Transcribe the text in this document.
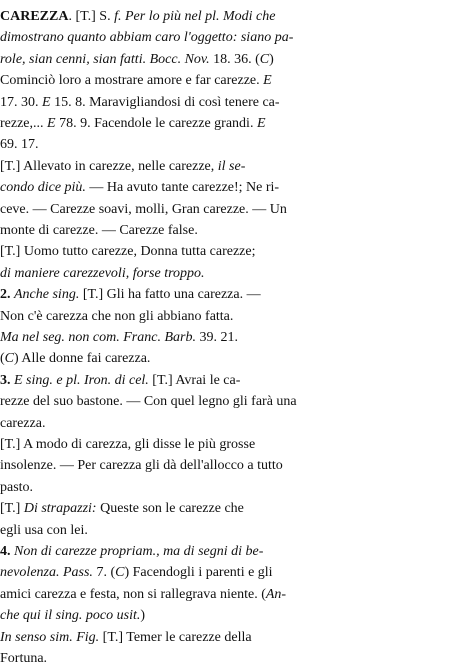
CAREZZA. [T.] S. f. Per lo più nel pl. Modi che
dimostrano quanto abbiam caro l'oggetto: siano pa-
role, sian cenni, sian fatti. Bocc. Nov. 18. 36. (C)
Cominciò loro a mostrare amore e far carezze. E
17. 30. E 15. 8. Maravigliandosi di così tenere ca-
rezze,... E 78. 9. Facendole le carezze grandi. E
69. 17.
[T.] Allevato in carezze, nelle carezze, il se-
condo dice più. — Ha avuto tante carezze!; Ne ri-
ceve. — Carezze soavi, molli, Gran carezze. — Un
monte di carezze. — Carezze false.
[T.] Uomo tutto carezze, Donna tutta carezze;
di maniere carezzevoli, forse troppo.
2. Anche sing. [T.] Gli ha fatto una carezza. —
Non c'è carezza che non gli abbiano fatta.
Ma nel seg. non com. Franc. Barb. 39. 21.
(C) Alle donne fai carezza.
3. E sing. e pl. Iron. di cel. [T.] Avrai le ca-
rezze del suo bastone. — Con quel legno gli farà una
carezza.
[T.] A modo di carezza, gli disse le più grosse
insolenze. — Per carezza gli dà dell'allocco a tutto
pasto.
[T.] Di strapazzi: Queste son le carezze che
egli usa con lei.
4. Non di carezze propriam., ma di segni di be-
nevolenza. Pass. 7. (C) Facendogli i parenti e gli
amici carezza e festa, non si rallegrava niente. (An-
che qui il sing. poco usit.)
In senso sim. Fig. [T.] Temer le carezze della
Fortuna.
